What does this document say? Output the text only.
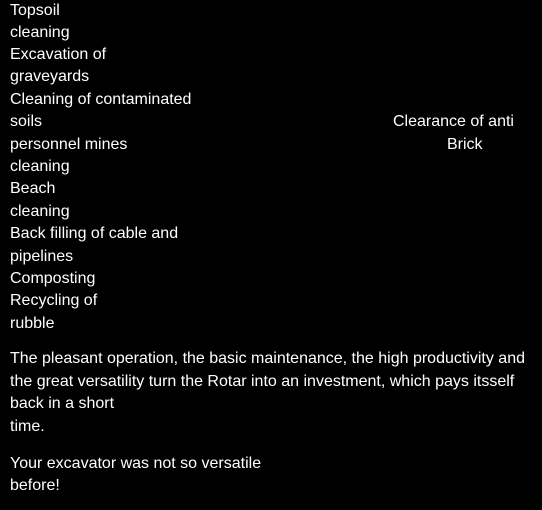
Topsoil

cleaning

Excavation of

graveyards

Cleaning of contaminated

soils

personnel mines

cleaning

Beach

cleaning

Back filling of cable and

pipelines

Composting

Recycling of

rubble

Clearance of anti

Brick

The pleasant operation, the basic maintenance, the high productivity and

the great versatility turn the Rotar into an investment, which pays itsself

back in a short

time.

Your excavator was not so versatile

before!
